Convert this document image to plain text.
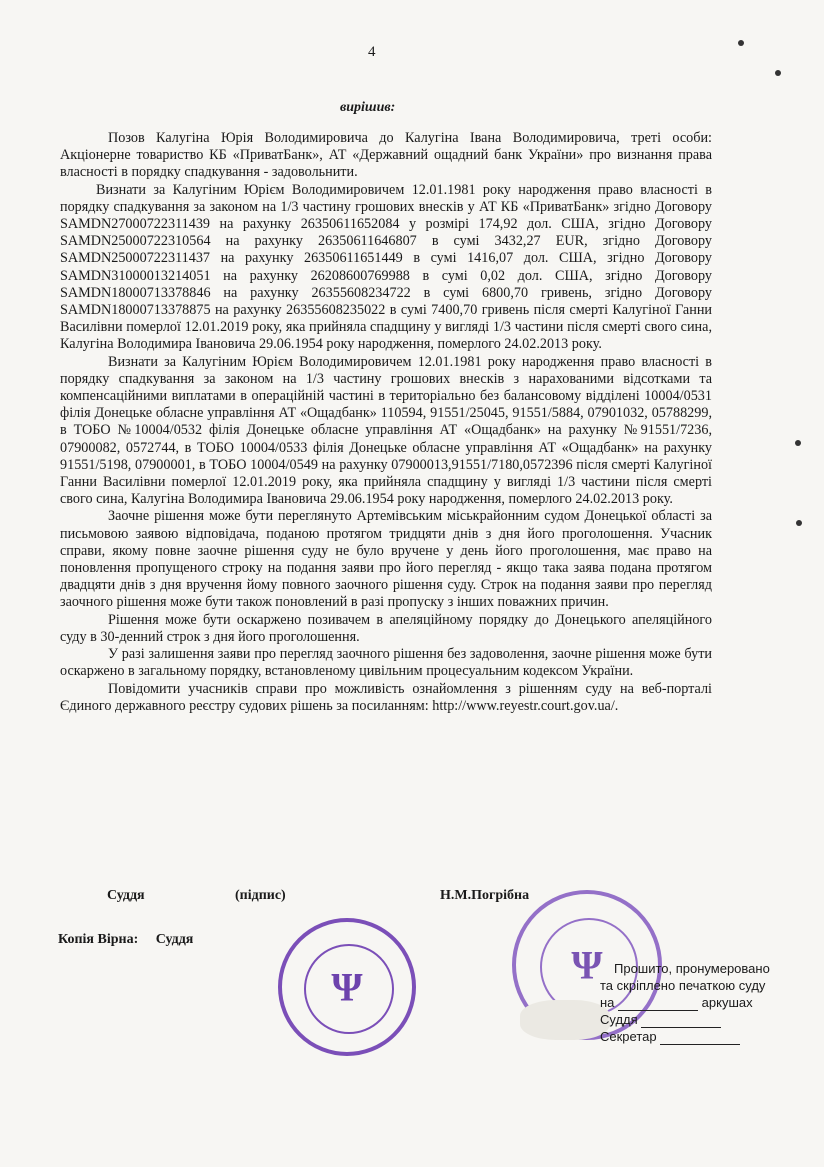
4
вирішив:

Позов Калугіна Юрія Володимировича до Калугіна Івана Володимировича, треті особи: Акціонерне товариство КБ «ПриватБанк», АТ «Державний ощадний банк України» про визнання права власності в порядку спадкування - задовольнити.

Визнати за Калугіним Юрієм Володимировичем 12.01.1981 року народження право власності в порядку спадкування за законом на 1/3 частину грошових внесків у АТ КБ «ПриватБанк» згідно Договору SAMDN27000722311439 на рахунку 26350611652084 у розмірі 174,92 дол. США, згідно Договору SAMDN25000722310564 на рахунку 26350611646807 в сумі 3432,27 EUR, згідно Договору SAMDN25000722311437 на рахунку 26350611651449 в сумі 1416,07 дол. США, згідно Договору SAMDN31000013214051 на рахунку 26208600769988 в сумі 0,02 дол. США, згідно Договору SAMDN18000713378846 на рахунку 26355608234722 в сумі 6800,70 гривень, згідно Договору SAMDN18000713378875 на рахунку 26355608235022 в сумі 7400,70 гривень після смерті Калугіної Ганни Василівни померлої 12.01.2019 року, яка прийняла спадщину у вигляді 1/3 частини після смерті свого сина, Калугіна Володимира Івановича 29.06.1954 року народження, померлого 24.02.2013 року.

Визнати за Калугіним Юрієм Володимировичем 12.01.1981 року народження право власності в порядку спадкування за законом на 1/3 частину грошових внесків з нарахованими відсотками та компенсаційними виплатами в операційній частині в територіально без балансовому відділені 10004/0531 філія Донецьке обласне управління АТ «Ощадбанк» 110594, 91551/25045, 91551/5884, 07901032, 05788299, в ТОБО №10004/0532 філія Донецьке обласне управління АТ «Ощадбанк» на рахунку №91551/7236, 07900082, 0572744, в ТОБО 10004/0533 філія Донецьке обласне управління АТ «Ощадбанк» на рахунку 91551/5198, 07900001, в ТОБО 10004/0549 на рахунку 07900013,91551/7180,0572396 після смерті Калугіної Ганни Василівни померлої 12.01.2019 року, яка прийняла спадщину у вигляді 1/3 частини після смерті свого сина, Калугіна Володимира Івановича 29.06.1954 року народження, померлого 24.02.2013 року.

Заочне рішення може бути переглянуто Артемівським міськрайонним судом Донецької області за письмовою заявою відповідача, поданою протягом тридцяти днів з дня його проголошення. Учасник справи, якому повне заочне рішення суду не було вручене у день його проголошення, має право на поновлення пропущеного строку на подання заяви про його перегляд - якщо така заява подана протягом двадцяти днів з дня вручення йому повного заочного рішення суду. Строк на подання заяви про перегляд заочного рішення може бути також поновлений в разі пропуску з інших поважних причин.

Рішення може бути оскаржено позивачем в апеляційному порядку до Донецького апеляційного суду в 30-денний строк з дня його проголошення.

У разі залишення заяви про перегляд заочного рішення без задоволення, заочне рішення може бути оскаржено в загальному порядку, встановленому цивільним процесуальним кодексом України.

Повідомити учасників справи про можливість ознайомлення з рішенням суду на веб-порталі Єдиного державного реєстру судових рішень за посиланням: http://www.reyestr.court.gov.ua/.

Суддя	(підпис)	Н.М.Погрібна
Копія Вірна: Суддя
Ψ	Ψ Прошито, пронумеровано
та скріплено печаткою суду
на	аркушах
Суддя
Секретар
